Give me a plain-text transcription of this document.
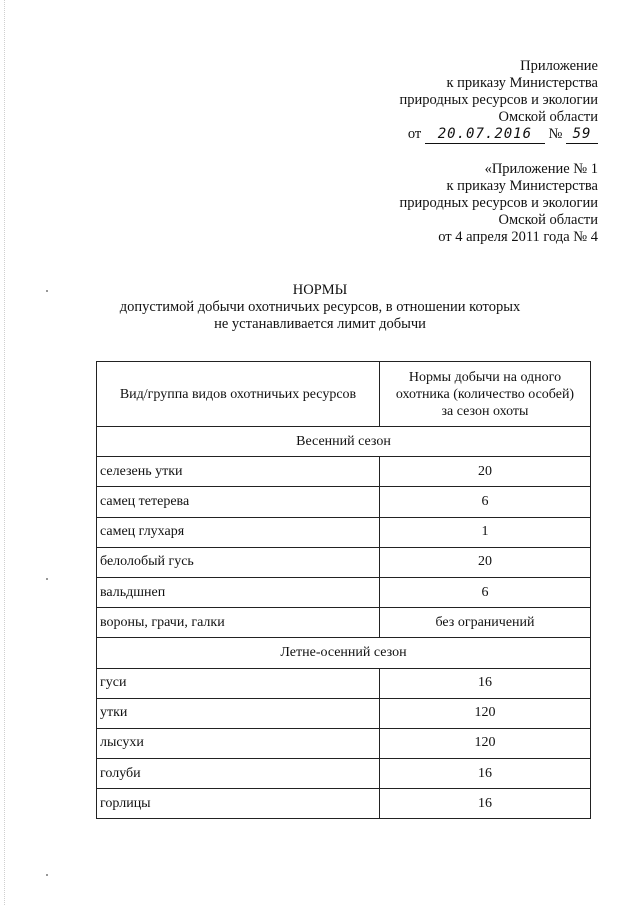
Приложение
к приказу Министерства
природных ресурсов и экологии
Омской области
от 20.07.2016 № 59
«Приложение № 1
к приказу Министерства
природных ресурсов и экологии
Омской области
от 4 апреля 2011 года № 4
НОРМЫ
допустимой добычи охотничьих ресурсов, в отношении которых
не устанавливается лимит добычи
Вид/группа видов охотничьих ресурсов	Нормы добычи на одного
охотника (количество особей)
за сезон охоты
Весенний сезон	
селезень утки	20
самец тетерева	6
самец глухаря	1
белолобый гусь	20
вальдшнеп	6
вороны, грачи, галки	без ограничений
Летне-осенний сезон	
гуси	16
утки	120
лысухи	120
голуби	16
горлицы	16
